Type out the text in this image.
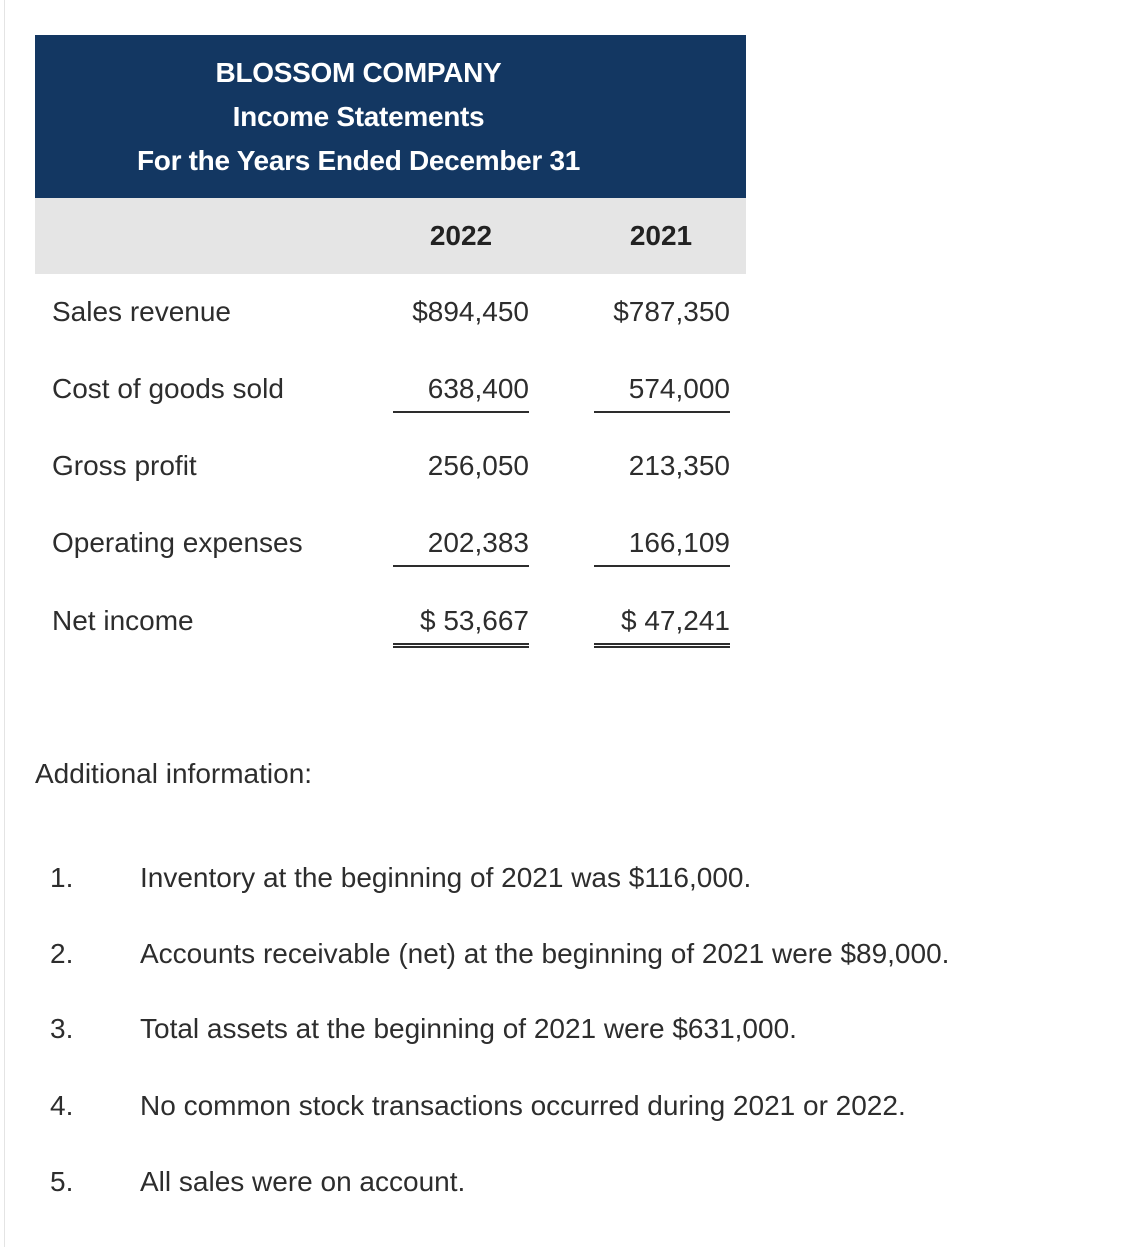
BLOSSOM COMPANY
Income Statements
For the Years Ended December 31
2022	2021
Sales revenue	$894,450	$787,350
Cost of goods sold	638,400	574,000
Gross profit	256,050	213,350
Operating expenses	202,383	166,109
Net income	$ 53,667	$ 47,241
Additional information:
1. Inventory at the beginning of 2021 was $116,000.
2. Accounts receivable (net) at the beginning of 2021 were $89,000.
3. Total assets at the beginning of 2021 were $631,000.
4. No common stock transactions occurred during 2021 or 2022.
5. All sales were on account.
